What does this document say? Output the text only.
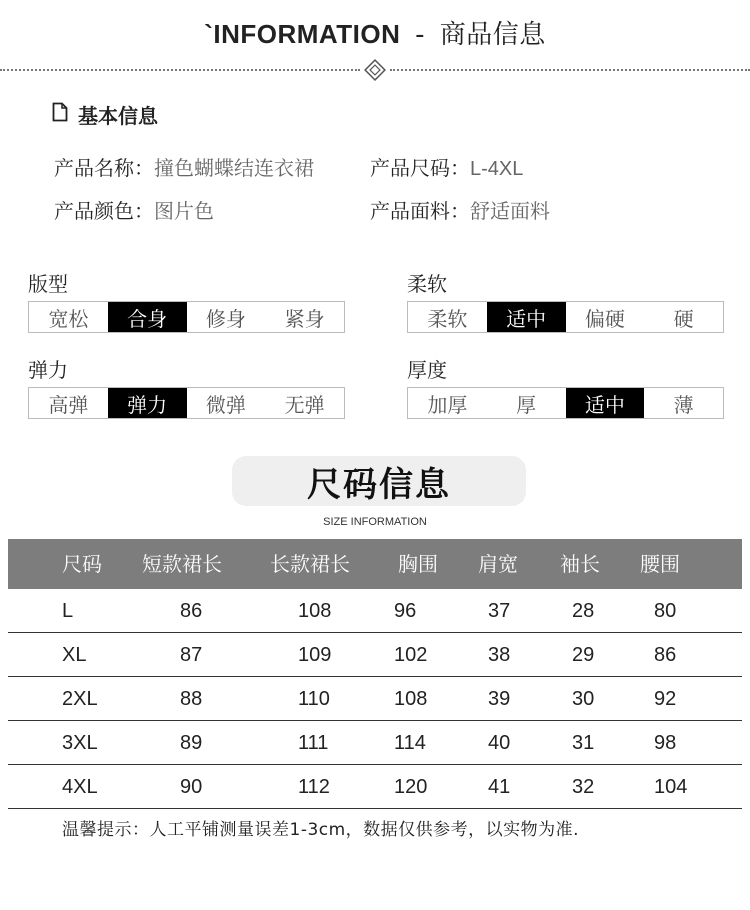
`INFORMATION - 商品信息
基本信息
产品名称：撞色蝴蝶结连衣裙	产品尺码：L-4XL
产品颜色：图片色	产品面料：舒适面料
版型
宽松	合身	修身	紧身
柔软
柔软	适中	偏硬	硬
弹力
高弹	弹力	微弹	无弹
厚度
加厚	厚	适中	薄
尺码信息
SIZE INFORMATION
尺码 短款裙长 长款裙长 胸围 肩宽 袖长 腰围
L	86	108	96	37	28	80
XL	87	109	102	38	29	86
2XL	88	110	108	39	30	92
3XL	89	111	114	40	31	98
4XL	90	112	120	41	32	104
温馨提示：人工平铺测量误差1-3cm，数据仅供参考，以实物为准.
